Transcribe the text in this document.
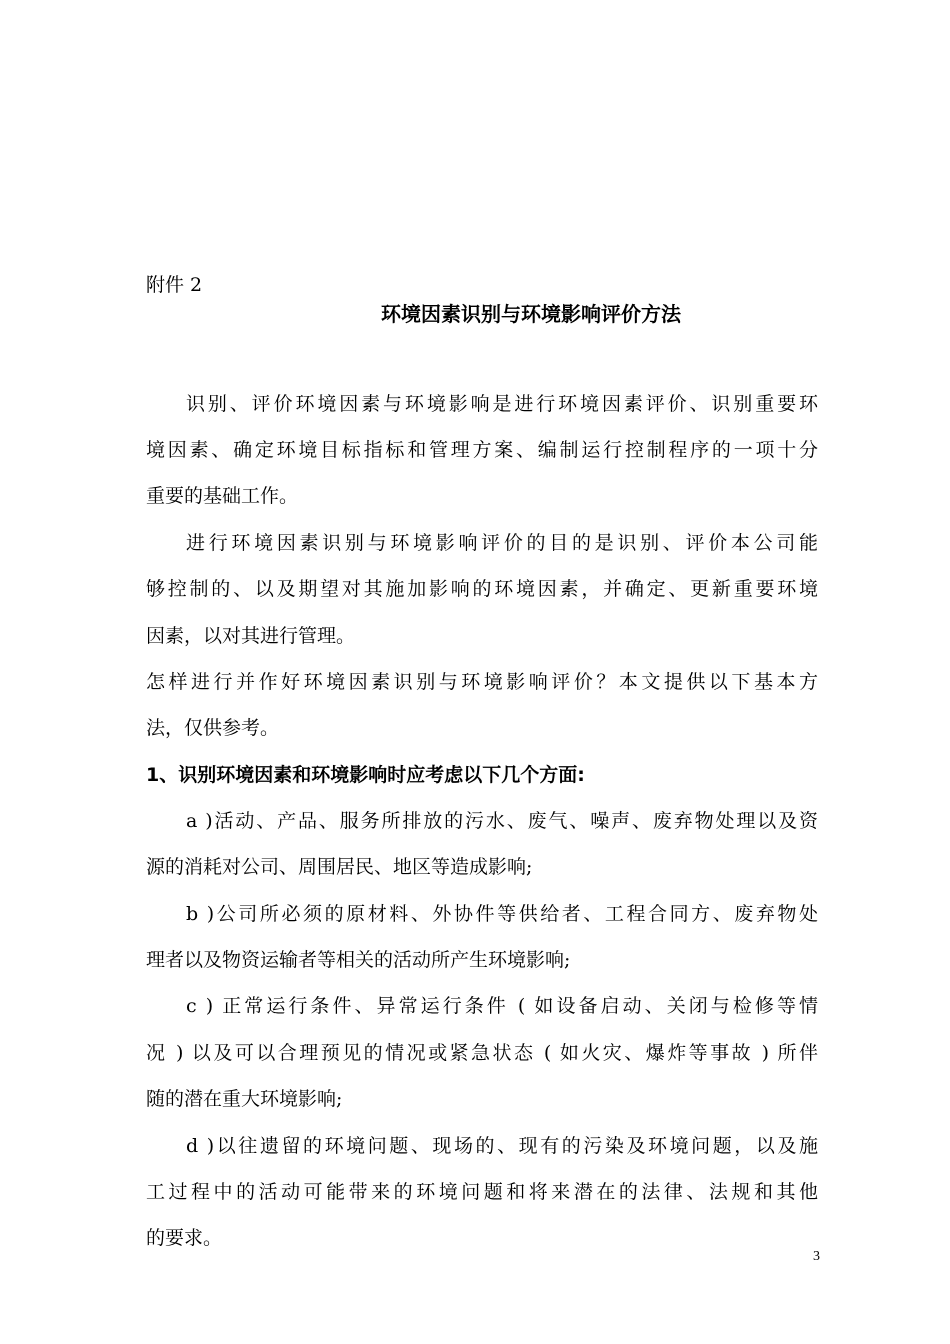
附件 2
环境因素识别与环境影响评价方法
识别、评价环境因素与环境影响是进行环境因素评价、识别重要环
境因素、确定环境目标指标和管理方案、编制运行控制程序的一项十分
重要的基础工作。
进行环境因素识别与环境影响评价的目的是识别、评价本公司能
够控制的、以及期望对其施加影响的环境因素，并确定、更新重要环境
因素，以对其进行管理。
怎样进行并作好环境因素识别与环境影响评价？本文提供以下基本方
法，仅供参考。
1、识别环境因素和环境影响时应考虑以下几个方面:
a )活动、产品、服务所排放的污水、废气、噪声、废弃物处理以及资
源的消耗对公司、周围居民、地区等造成影响;
b )公司所必须的原材料、外协件等供给者、工程合同方、废弃物处
理者以及物资运输者等相关的活动所产生环境影响;
c ) 正常运行条件、异常运行条件 ( 如设备启动、关闭与检修等情
况 ) 以及可以合理预见的情况或紧急状态 ( 如火灾、爆炸等事故 ) 所伴
随的潜在重大环境影响;
d )以往遗留的环境问题、现场的、现有的污染及环境问题，以及施
工过程中的活动可能带来的环境问题和将来潜在的法律、法规和其他
的要求。
3
